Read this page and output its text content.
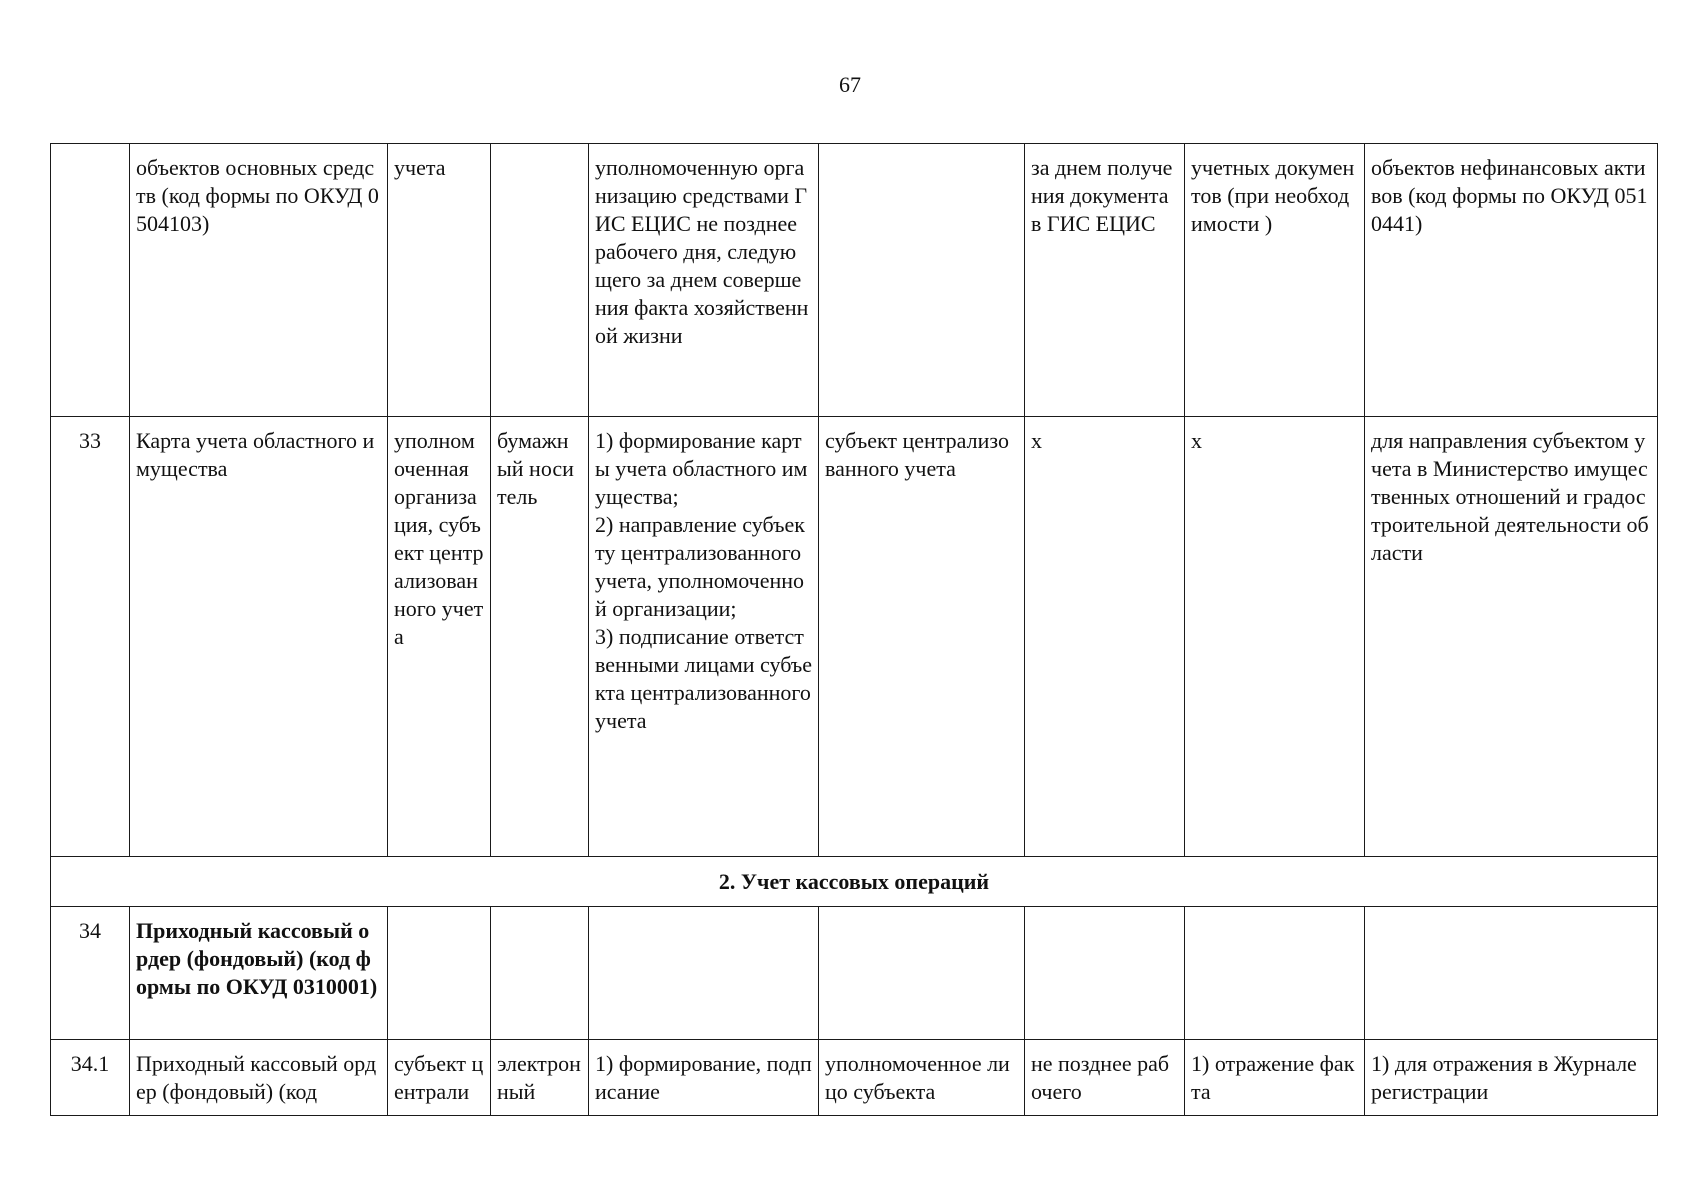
67
	объектов основных средств (код формы по ОКУД 0504103)	учета		уполномоченную организацию средствами ГИС ЕЦИС не позднее рабочего дня, следующего за днем совершения факта хозяйственной жизни		за днем получения документа в ГИС ЕЦИС	учетных документов (при необходимости )	объектов нефинансовых активов (код формы по ОКУД 0510441)
33	Карта учета областного имущества	уполномоченная организация, субъект централизованного учета	бумажный носитель	1) формирование карты учета областного имущества;
2) направление субъекту централизованного учета, уполномоченной организации;
3) подписание ответственными лицами субъекта централизованного учета	субъект централизованного учета	х	х	для направления субъектом учета в Министерство имущественных отношений и градостроительной деятельности области
2. Учет кассовых операций								
34	Приходный кассовый ордер (фондовый) (код формы по ОКУД 0310001)							
34.1	Приходный кассовый ордер (фондовый) (код	субъект централи	электронный	1) формирование, подписание	уполномоченное лицо субъекта	не позднее рабочего	1) отражение факта	1) для отражения в Журнале регистрации
